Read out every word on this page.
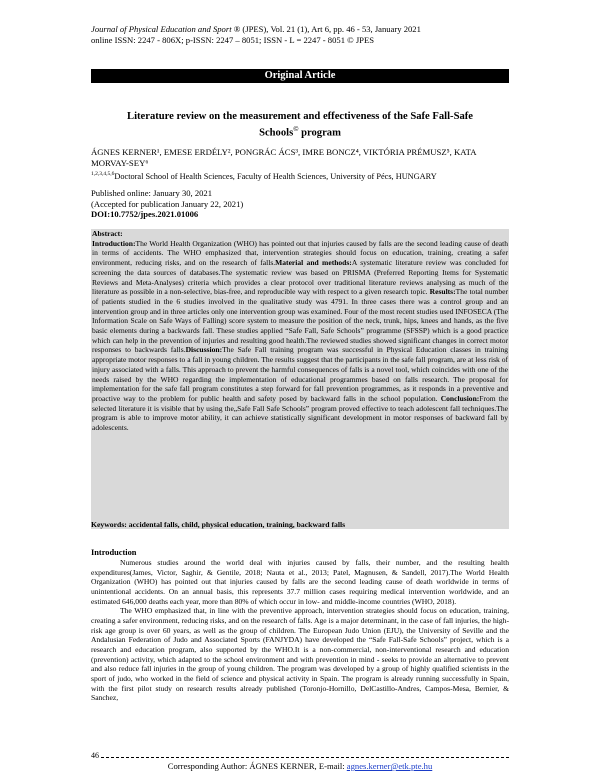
Journal of Physical Education and Sport ® (JPES), Vol. 21 (1), Art 6, pp. 46 - 53, January 2021
online ISSN: 2247 - 806X; p-ISSN: 2247 – 8051; ISSN - L = 2247 - 8051 © JPES
Original Article
Literature review on the measurement and effectiveness of the Safe Fall-Safe
Schools© program
ÁGNES KERNER¹, EMESE ERDÉLY², PONGRÁC ÁCS³, IMRE BONCZ⁴, VIKTÓRIA PRÉMUSZ⁵, KATA MORVAY-SEY⁶
$^{1,2,3,4,5,6}$Doctoral School of Health Sciences, Faculty of Health Sciences, University of Pécs, HUNGARY
Published online: January 30, 2021
(Accepted for publication January 22, 2021)
DOI:10.7752/jpes.2021.01006
Abstract:
Introduction:The World Health Organization (WHO) has pointed out that injuries caused by falls are the second leading cause of death in terms of accidents. The WHO emphasized that, intervention strategies should focus on education, training, creating a safer environment, reducing risks, and on the research of falls.Material and methods:A systematic literature review was concluded for screening the data sources of databases.The systematic review was based on PRISMA (Preferred Reporting Items for Systematic Reviews and Meta-Analyses) criteria which provides a clear protocol over traditional literature reviews analysing as much of the literature as possible in a non-selective, bias-free, and reproducible way with respect to a given research topic. Results:The total number of patients studied in the 6 studies involved in the qualitative study was 4791. In three cases there was a control group and an intervention group and in three articles only one intervention group was examined. Four of the most recent studies used INFOSECA (The Information Scale on Safe Ways of Falling) score system to measure the position of the neck, trunk, hips, knees and hands, as the five basic elements during a backwards fall. These studies applied “Safe Fall, Safe Schools” programme (SFSSP) which is a good practice which can help in the prevention of injuries and resulting good health.The reviewed studies showed significant changes in correct motor responses to backwards falls.Discussion:The Safe Fall training program was successful in Physical Education classes in training appropriate motor responses to a fall in young children. The results suggest that the participants in the safe fall program, are at less risk of injury associated with a falls. This approach to prevent the harmful consequences of falls is a novel tool, which coincides with one of the needs raised by the WHO regarding the implementation of educational programmes based on falls research. The proposal for implementation for the safe fall program constitutes a step forward for fall prevention programmes, as it responds in a preventive and proactive way to the problem for public health and safety posed by backward falls in the school population. Conclusion:From the selected literature it is visible that by using the„Safe Fall Safe Schools” program proved effective to teach adolescent fall techniques.The program is able to improve motor ability, it can achieve statistically significant development in motor responses of backward fall by adolescents.
Keywords: accidental falls, child, physical education, training, backward falls
Introduction

Numerous studies around the world deal with injuries caused by falls, their number, and the resulting health expenditures(James, Victor, Saghir, & Gentile, 2018; Nauta et al., 2013; Patel, Magnusen, & Sandell, 2017).The World Health Organization (WHO) has pointed out that injuries caused by falls are the second leading cause of death worldwide in terms of unintentional accidents. On an annual basis, this represents 37.7 million cases requiring medical intervention worldwide, and an estimated 646,000 deaths each year, more than 80% of which occur in low- and middle-income countries (WHO, 2018).

The WHO emphasized that, in line with the preventive approach, intervention strategies should focus on education, training, creating a safer environment, reducing risks, and on the research of falls. Age is a major determinant, in the case of fall injuries, the high-risk age group is over 60 years, as well as the group of children. The European Judo Union (EJU), the University of Seville and the Andalusian Federation of Judo and Associated Sports (FANJYDA) have developed the “Safe Fall-Safe Schools” project, which is a research and education program, also supported by the WHO.It is a non-commercial, non-interventional research and education (prevention) activity, which adapted to the school environment and with prevention in mind - seeks to provide an alternative to prevent and also reduce fall injuries in the group of young children. The program was developed by a group of highly qualified scientists in the sport of judo, who worked in the field of science and physical activity in Spain. The program is already running successfully in Spain, with the first pilot study on research results already published (Toronjo-Hornillo, DelCastillo-Andres, Campos-Mesa, Bernier, & Sanchez,

46
Corresponding Author: ÁGNES KERNER, E-mail: agnes.kerner@etk.pte.hu
